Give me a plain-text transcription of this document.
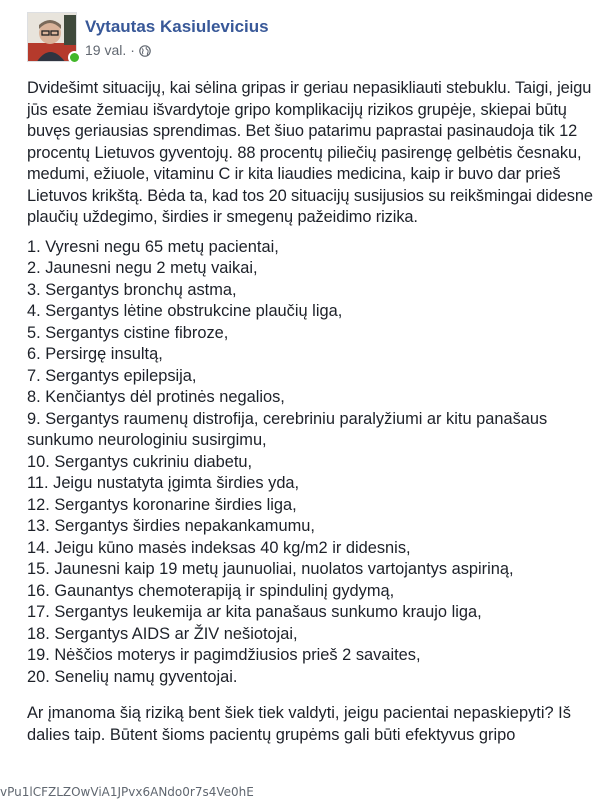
Vytautas Kasiulevicius
19 val. ·

Dvidešimt situacijų, kai sėlina gripas ir geriau nepasikliauti stebuklu. Taigi, jeigu jūs esate žemiau išvardytoje gripo komplikacijų rizikos grupėje, skiepai būtų buvęs geriausias sprendimas. Bet šiuo patarimu paprastai pasinaudoja tik 12 procentų Lietuvos gyventojų. 88 procentų piliečių pasirengę gelbėtis česnaku, medumi, ežiuole, vitaminu C ir kita liaudies medicina, kaip ir buvo dar prieš Lietuvos krikštą. Bėda ta, kad tos 20 situacijų susijusios su reikšmingai didesne plaučių uždegimo, širdies ir smegenų pažeidimo rizika.

1. Vyresni negu 65 metų pacientai,

2. Jaunesni negu 2 metų vaikai,

3. Sergantys bronchų astma,

4. Sergantys lėtine obstrukcine plaučių liga,

5. Sergantys cistine fibroze,

6. Persirgę insultą,

7. Sergantys epilepsija,

8. Kenčiantys dėl protinės negalios,

9. Sergantys raumenų distrofija, cerebriniu paralyžiumi ar kitu panašaus sunkumo neurologiniu susirgimu,

10. Sergantys cukriniu diabetu,

11. Jeigu nustatyta įgimta širdies yda,

12. Sergantys koronarine širdies liga,

13. Sergantys širdies nepakankamumu,

14. Jeigu kūno masės indeksas 40 kg/m2 ir didesnis,

15. Jaunesni kaip 19 metų jaunuoliai, nuolatos vartojantys aspiriną,

16. Gaunantys chemoterapiją ir spindulinį gydymą,

17. Sergantys leukemija ar kita panašaus sunkumo kraujo liga,

18. Sergantys AIDS ar ŽIV nešiotojai,

19. Nėščios moterys ir pagimdžiusios prieš 2 savaites,

20. Senelių namų gyventojai.

Ar įmanoma šią riziką bent šiek tiek valdyti, jeigu pacientai nepaskiepyti? Iš dalies taip. Būtent šioms pacientų grupėms gali būti efektyvus gripo

vPu1lCFZLZOwViA1JPvx6ANdo0r7s4Ve0hE
